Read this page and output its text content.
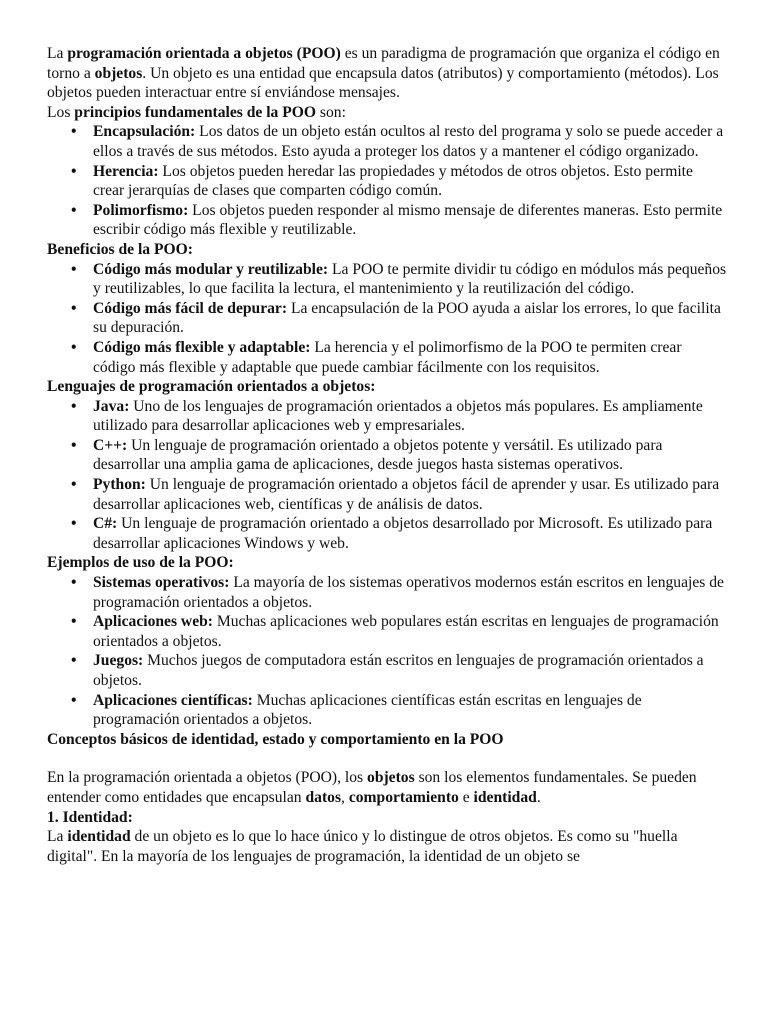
La programación orientada a objetos (POO) es un paradigma de programación que organiza el código en torno a objetos. Un objeto es una entidad que encapsula datos (atributos) y comportamiento (métodos). Los objetos pueden interactuar entre sí enviándose mensajes.

Los principios fundamentales de la POO son:

• Encapsulación: Los datos de un objeto están ocultos al resto del programa y solo se puede acceder a ellos a través de sus métodos. Esto ayuda a proteger los datos y a mantener el código organizado.
• Herencia: Los objetos pueden heredar las propiedades y métodos de otros objetos. Esto permite crear jerarquías de clases que comparten código común.
• Polimorfismo: Los objetos pueden responder al mismo mensaje de diferentes maneras. Esto permite escribir código más flexible y reutilizable.

Beneficios de la POO:

• Código más modular y reutilizable: La POO te permite dividir tu código en módulos más pequeños y reutilizables, lo que facilita la lectura, el mantenimiento y la reutilización del código.
• Código más fácil de depurar: La encapsulación de la POO ayuda a aislar los errores, lo que facilita su depuración.
• Código más flexible y adaptable: La herencia y el polimorfismo de la POO te permiten crear código más flexible y adaptable que puede cambiar fácilmente con los requisitos.

Lenguajes de programación orientados a objetos:

• Java: Uno de los lenguajes de programación orientados a objetos más populares. Es ampliamente utilizado para desarrollar aplicaciones web y empresariales.
• C++: Un lenguaje de programación orientado a objetos potente y versátil. Es utilizado para desarrollar una amplia gama de aplicaciones, desde juegos hasta sistemas operativos.
• Python: Un lenguaje de programación orientado a objetos fácil de aprender y usar. Es utilizado para desarrollar aplicaciones web, científicas y de análisis de datos.
• C#: Un lenguaje de programación orientado a objetos desarrollado por Microsoft. Es utilizado para desarrollar aplicaciones Windows y web.

Ejemplos de uso de la POO:

• Sistemas operativos: La mayoría de los sistemas operativos modernos están escritos en lenguajes de programación orientados a objetos.
• Aplicaciones web: Muchas aplicaciones web populares están escritas en lenguajes de programación orientados a objetos.
• Juegos: Muchos juegos de computadora están escritos en lenguajes de programación orientados a objetos.
• Aplicaciones científicas: Muchas aplicaciones científicas están escritas en lenguajes de programación orientados a objetos.

Conceptos básicos de identidad, estado y comportamiento en la POO

En la programación orientada a objetos (POO), los objetos son los elementos fundamentales. Se pueden entender como entidades que encapsulan datos, comportamiento e identidad.

1. Identidad:

La identidad de un objeto es lo que lo hace único y lo distingue de otros objetos. Es como su "huella digital". En la mayoría de los lenguajes de programación, la identidad de un objeto se
